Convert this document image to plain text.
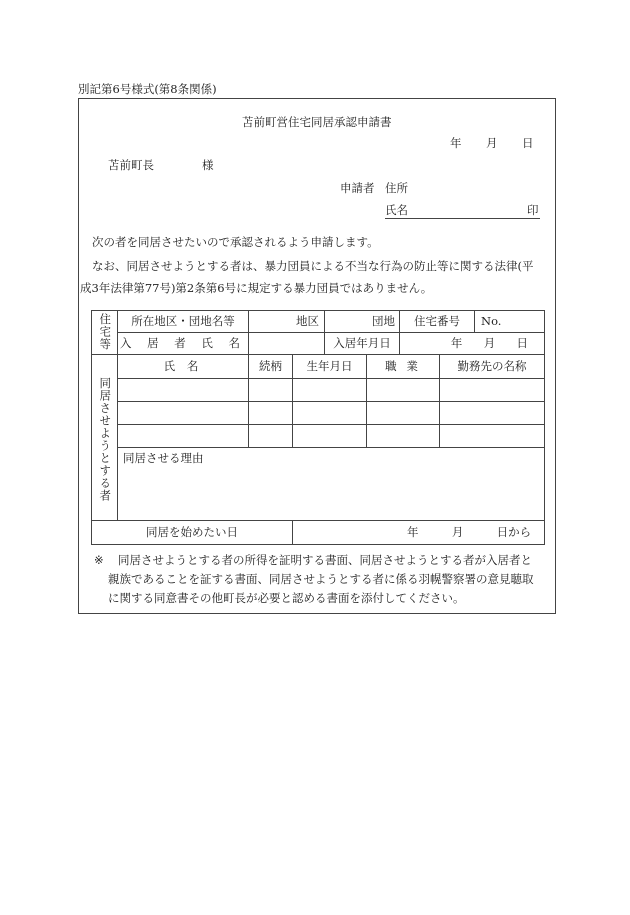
別記第6号様式(第8条関係)
苫前町営住宅同居承認申請書
年 月 日
苫前町長	様
申請者 住所
氏名	印
次の者を同居させたいので承認されるよう申請します。
なお、同居させようとする者は、暴力団員による不当な行為の防止等に関する法律(平
成3年法律第77号)第2条第6号に規定する暴力団員ではありません。
住宅等	所在地区・団地名等	地区		団地		住宅番号		No.
	入 居 者 氏 名			入居年月日		年 月 日		
同居させようとする者	氏 名	続柄	生年月日		職 業		勤務先の名称	

	同居させる理由							
同居を始めたい日			年 月 日から					
※ 同居させようとする者の所得を証明する書面、同居させようとする者が入居者と
親族であることを証する書面、同居させようとする者に係る羽幌警察署の意見聴取
に関する同意書その他町長が必要と認める書面を添付してください。
